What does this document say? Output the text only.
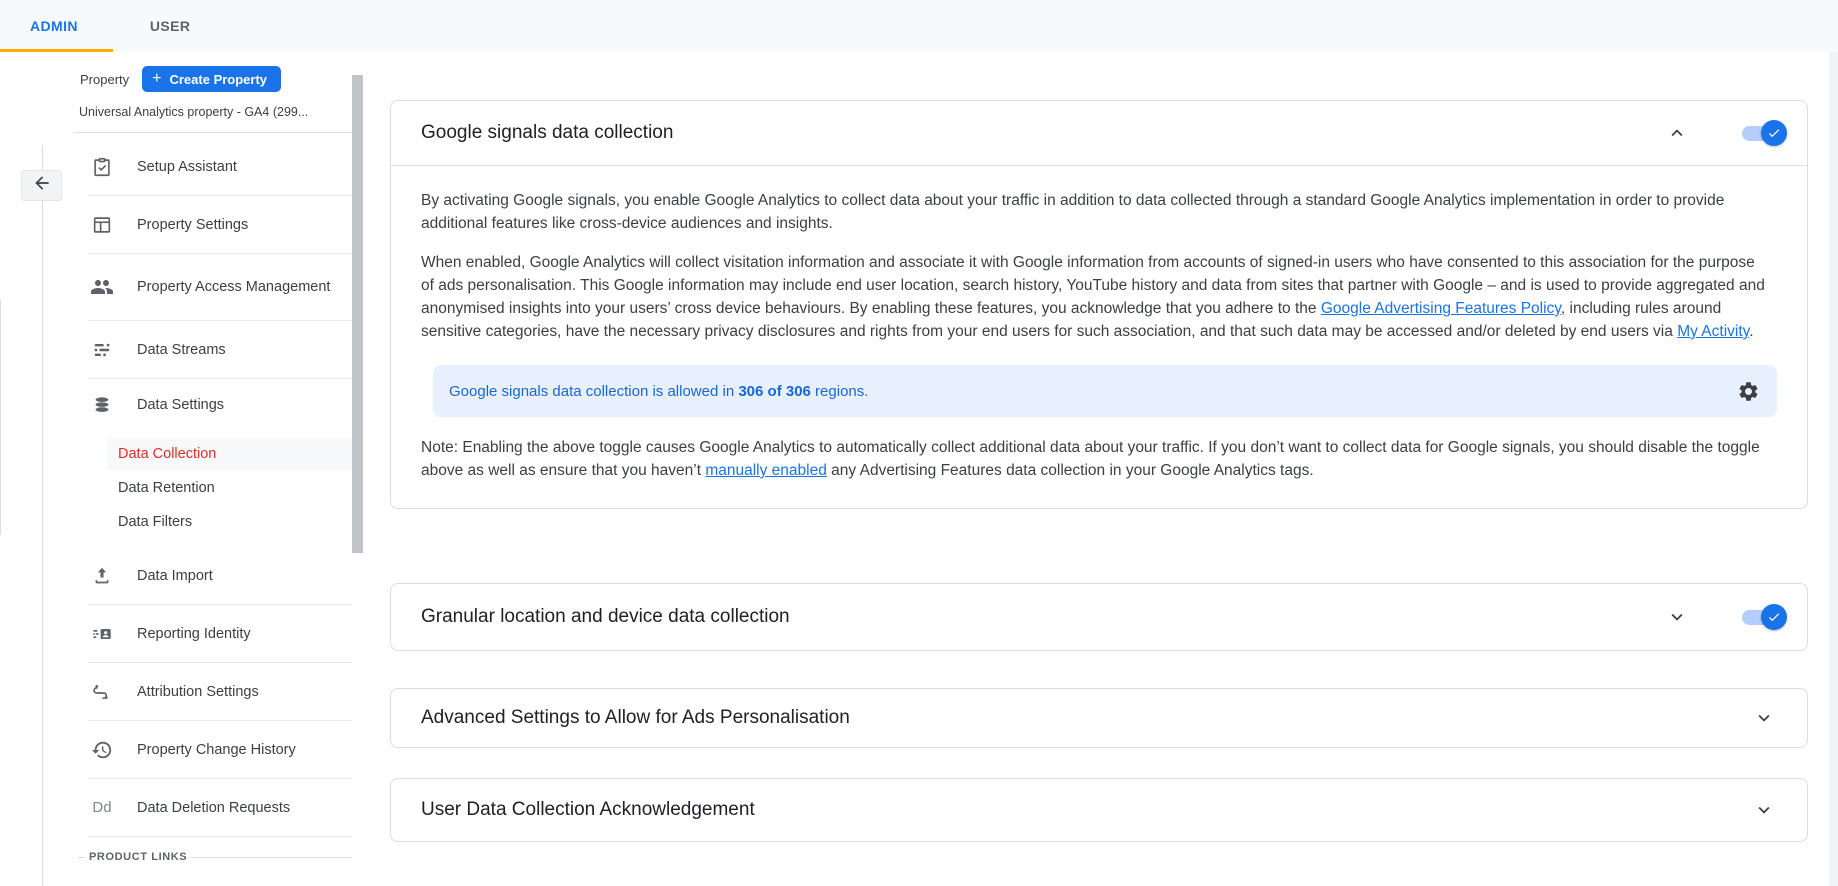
ADMIN	USER
Property + Create Property
Universal Analytics property - GA4 (299...
Setup Assistant
Property Settings
Property Access Management
Data Streams
Data Settings
Data Collection
Data Retention
Data Filters
Data Import
Reporting Identity
Attribution Settings
Property Change History
Dd Data Deletion Requests
PRODUCT LINKS
Google signals data collection

By activating Google signals, you enable Google Analytics to collect data about your traffic in addition to data collected through a standard Google Analytics implementation in order to provide additional features like cross-device audiences and insights.

When enabled, Google Analytics will collect visitation information and associate it with Google information from accounts of signed-in users who have consented to this association for the purpose of ads personalisation. This Google information may include end user location, search history, YouTube history and data from sites that partner with Google – and is used to provide aggregated and anonymised insights into your users’ cross device behaviours. By enabling these features, you acknowledge that you adhere to the Google Advertising Features Policy, including rules around sensitive categories, have the necessary privacy disclosures and rights from your end users for such association, and that such data may be accessed and/or deleted by end users via My Activity.

Google signals data collection is allowed in 306 of 306 regions.

Note: Enabling the above toggle causes Google Analytics to automatically collect additional data about your traffic. If you don’t want to collect data for Google signals, you should disable the toggle above as well as ensure that you haven’t manually enabled any Advertising Features data collection in your Google Analytics tags.

Granular location and device data collection
Advanced Settings to Allow for Ads Personalisation
User Data Collection Acknowledgement
